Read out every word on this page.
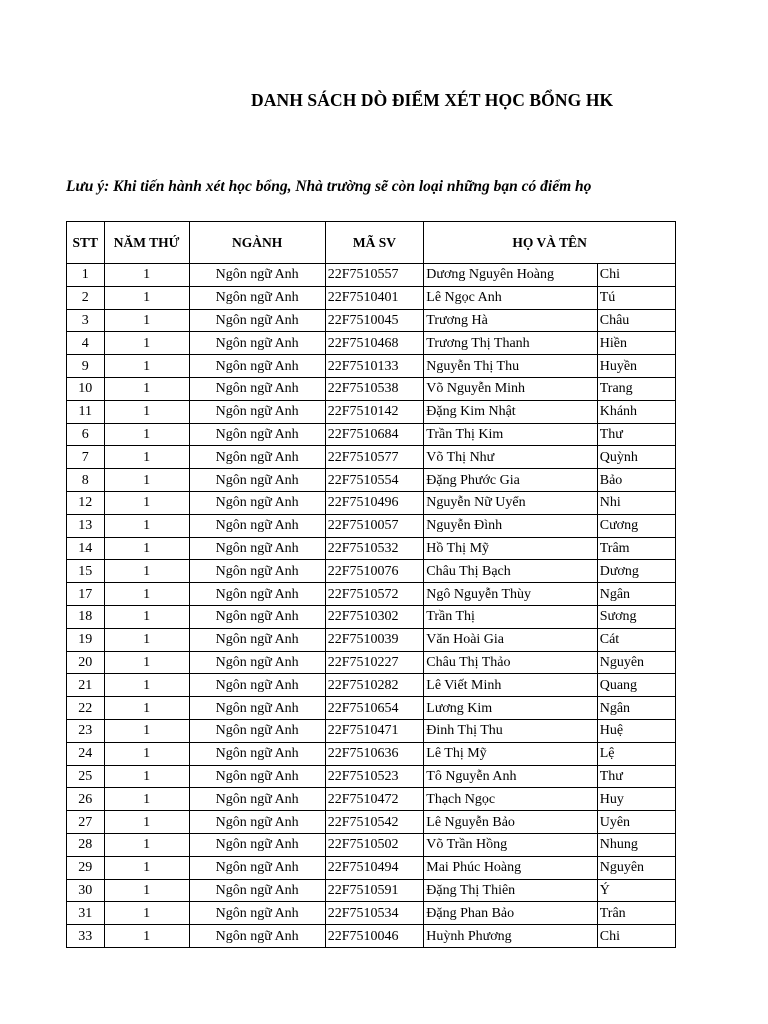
DANH SÁCH DÒ ĐIỂM XÉT HỌC BỔNG HK
Lưu ý: Khi tiến hành xét học bổng, Nhà trường sẽ còn loại những bạn có điểm họ
STT	NĂM THỨ	NGÀNH	MÃ SV	HỌ VÀ TÊN	
1	1	Ngôn ngữ Anh	22F7510557	Dương Nguyên Hoàng	Chi
2	1	Ngôn ngữ Anh	22F7510401	Lê Ngọc Anh	Tú
3	1	Ngôn ngữ Anh	22F7510045	Trương Hà	Châu
4	1	Ngôn ngữ Anh	22F7510468	Trương Thị Thanh	Hiền
9	1	Ngôn ngữ Anh	22F7510133	Nguyễn Thị Thu	Huyền
10	1	Ngôn ngữ Anh	22F7510538	Võ Nguyễn Minh	Trang
11	1	Ngôn ngữ Anh	22F7510142	Đặng Kim Nhật	Khánh
6	1	Ngôn ngữ Anh	22F7510684	Trần Thị Kim	Thư
7	1	Ngôn ngữ Anh	22F7510577	Võ Thị Như	Quỳnh
8	1	Ngôn ngữ Anh	22F7510554	Đặng Phước Gia	Bảo
12	1	Ngôn ngữ Anh	22F7510496	Nguyễn Nữ Uyển	Nhi
13	1	Ngôn ngữ Anh	22F7510057	Nguyễn Đình	Cương
14	1	Ngôn ngữ Anh	22F7510532	Hồ Thị Mỹ	Trâm
15	1	Ngôn ngữ Anh	22F7510076	Châu Thị Bạch	Dương
17	1	Ngôn ngữ Anh	22F7510572	Ngô Nguyễn Thùy	Ngân
18	1	Ngôn ngữ Anh	22F7510302	Trần Thị	Sương
19	1	Ngôn ngữ Anh	22F7510039	Văn Hoài Gia	Cát
20	1	Ngôn ngữ Anh	22F7510227	Châu Thị Thảo	Nguyên
21	1	Ngôn ngữ Anh	22F7510282	Lê Viết Minh	Quang
22	1	Ngôn ngữ Anh	22F7510654	Lương Kim	Ngân
23	1	Ngôn ngữ Anh	22F7510471	Đinh Thị Thu	Huệ
24	1	Ngôn ngữ Anh	22F7510636	Lê Thị Mỹ	Lệ
25	1	Ngôn ngữ Anh	22F7510523	Tô Nguyễn Anh	Thư
26	1	Ngôn ngữ Anh	22F7510472	Thạch Ngọc	Huy
27	1	Ngôn ngữ Anh	22F7510542	Lê Nguyễn Bảo	Uyên
28	1	Ngôn ngữ Anh	22F7510502	Võ Trần Hồng	Nhung
29	1	Ngôn ngữ Anh	22F7510494	Mai Phúc Hoàng	Nguyên
30	1	Ngôn ngữ Anh	22F7510591	Đặng Thị Thiên	Ý
31	1	Ngôn ngữ Anh	22F7510534	Đặng Phan Bảo	Trân
33	1	Ngôn ngữ Anh	22F7510046	Huỳnh Phương	Chi
